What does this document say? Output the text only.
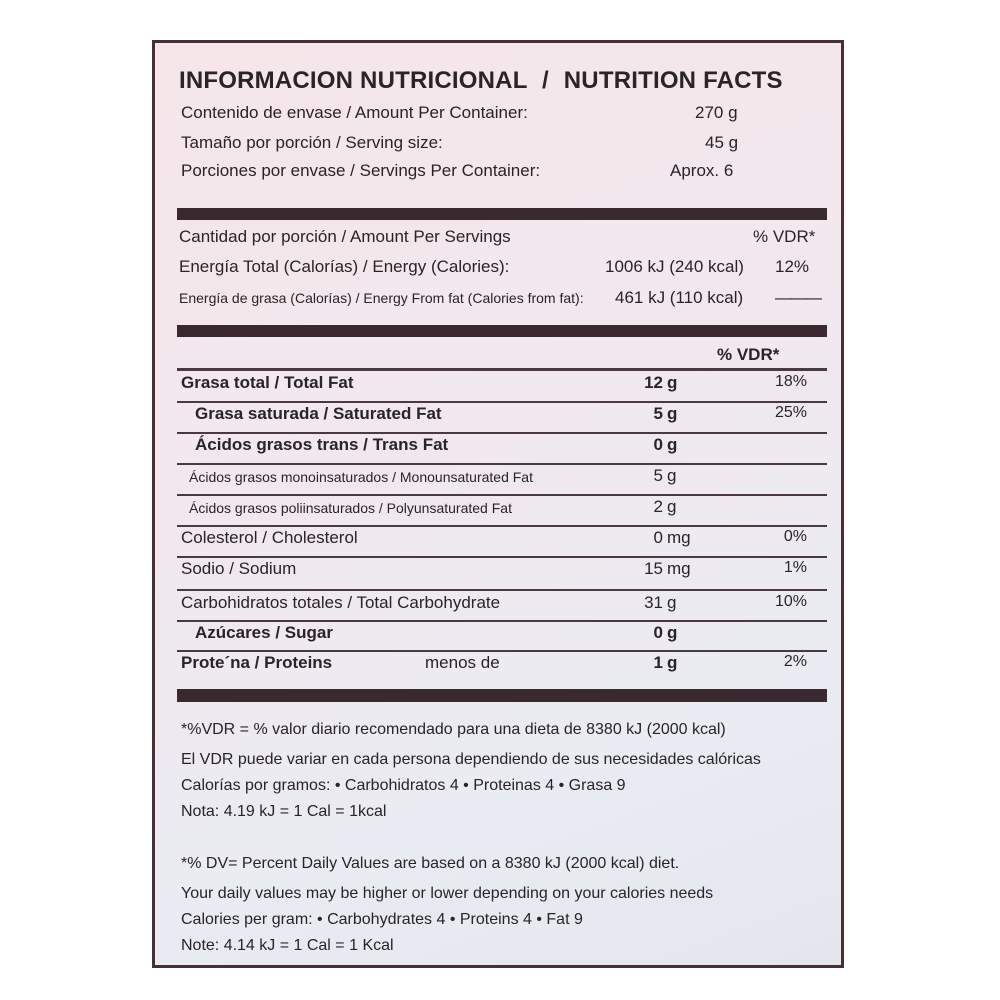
INFORMACION NUTRICIONAL / NUTRITION FACTS
Contenido de envase / Amount Per Container:	270 g
Tamaño por porción / Serving size:	45 g
Porciones por envase / Servings Per Container:	Aprox. 6
Cantidad por porción / Amount Per Servings	% VDR*
Energía Total (Calorías) / Energy (Calories):	1006 kJ (240 kcal) 12%
Energía de grasa (Calorías) / Energy From fat (Calories from fat): 461 kJ (110 kcal) ———
% VDR*
Grasa total / Total Fat	12 g	18%
Grasa saturada / Saturated Fat	5 g	25%
Ácidos grasos trans / Trans Fat	0 g
Ácidos grasos monoinsaturados / Monounsaturated Fat	5 g
Ácidos grasos poliinsaturados / Polyunsaturated Fat	2 g
Colesterol / Cholesterol	0 mg	0%
Sodio / Sodium	15 mg	1%
Carbohidratos totales / Total Carbohydrate	31 g	10%
Azúcares / Sugar	0 g
Prote´na / Proteins	menos de	1 g	2%
*%VDR = % valor diario recomendado para una dieta de 8380 kJ (2000 kcal)
El VDR puede variar en cada persona dependiendo de sus necesidades calóricas
Calorías por gramos: • Carbohidratos 4 • Proteinas 4 • Grasa 9
Nota: 4.19 kJ = 1 Cal = 1kcal
*% DV= Percent Daily Values are based on a 8380 kJ (2000 kcal) diet.
Your daily values may be higher or lower depending on your calories needs
Calories per gram: • Carbohydrates 4 • Proteins 4 • Fat 9
Note: 4.14 kJ = 1 Cal = 1 Kcal
